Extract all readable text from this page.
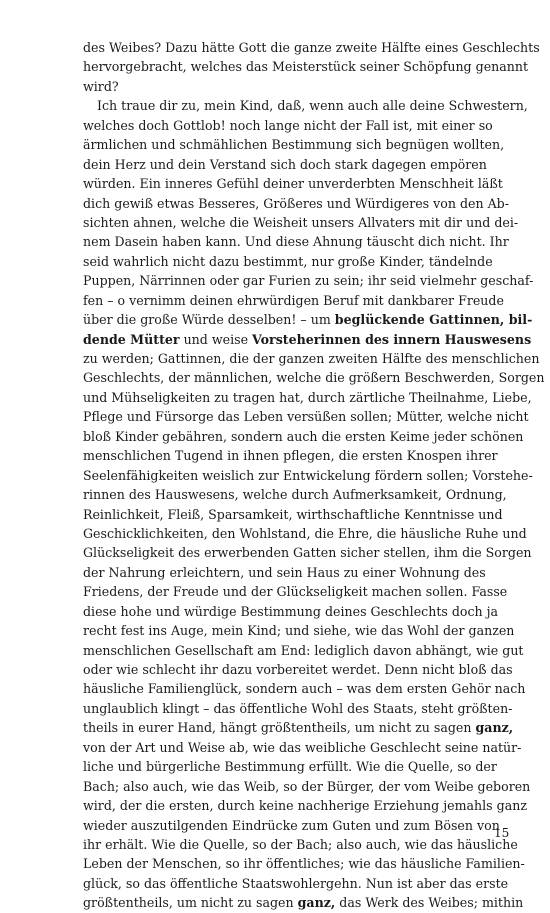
des Weibes? Dazu hätte Gott die ganze zweite Hälfte eines Geschlechts
hervorgebracht, welches das Meisterstück seiner Schöpfung genannt
wird?
Ich traue dir zu, mein Kind, daß, wenn auch alle deine Schwestern,
welches doch Gottlob! noch lange nicht der Fall ist, mit einer so
ärmlichen und schmählichen Bestimmung sich begnügen wollten,
dein Herz und dein Verstand sich doch stark dagegen empören
würden. Ein inneres Gefühl deiner unverderbten Menschheit läßt
dich gewiß etwas Besseres, Größeres und Würdigeres von den Ab-
sichten ahnen, welche die Weisheit unsers Allvaters mit dir und dei-
nem Dasein haben kann. Und diese Ahnung täuscht dich nicht. Ihr
seid wahrlich nicht dazu bestimmt, nur große Kinder, tändelnde
Puppen, Närrinnen oder gar Furien zu sein; ihr seid vielmehr geschaf-
fen – o vernimm deinen ehrwürdigen Beruf mit dankbarer Freude
über die große Würde desselben! – um beglückende Gattinnen, bil-
dende Mütter und weise Vorsteherinnen des innern Hauswesens
zu werden; Gattinnen, die der ganzen zweiten Hälfte des menschlichen
Geschlechts, der männlichen, welche die größern Beschwerden, Sorgen
und Mühseligkeiten zu tragen hat, durch zärtliche Theilnahme, Liebe,
Pflege und Fürsorge das Leben versüßen sollen; Mütter, welche nicht
bloß Kinder gebähren, sondern auch die ersten Keime jeder schönen
menschlichen Tugend in ihnen pflegen, die ersten Knospen ihrer
Seelenfähigkeiten weislich zur Entwickelung fördern sollen; Vorstehe-
rinnen des Hauswesens, welche durch Aufmerksamkeit, Ordnung,
Reinlichkeit, Fleiß, Sparsamkeit, wirthschaftliche Kenntnisse und
Geschicklichkeiten, den Wohlstand, die Ehre, die häusliche Ruhe und
Glückseligkeit des erwerbenden Gatten sicher stellen, ihm die Sorgen
der Nahrung erleichtern, und sein Haus zu einer Wohnung des
Friedens, der Freude und der Glückseligkeit machen sollen. Fasse
diese hohe und würdige Bestimmung deines Geschlechts doch ja
recht fest ins Auge, mein Kind; und siehe, wie das Wohl der ganzen
menschlichen Gesellschaft am End: lediglich davon abhängt, wie gut
oder wie schlecht ihr dazu vorbereitet werdet. Denn nicht bloß das
häusliche Familienglück, sondern auch – was dem ersten Gehör nach
unglaublich klingt – das öffentliche Wohl des Staats, steht größten-
theils in eurer Hand, hängt größtentheils, um nicht zu sagen ganz,
von der Art und Weise ab, wie das weibliche Geschlecht seine natür-
liche und bürgerliche Bestimmung erfüllt. Wie die Quelle, so der
Bach; also auch, wie das Weib, so der Bürger, der vom Weibe geboren
wird, der die ersten, durch keine nachherige Erziehung jemahls ganz
wieder auszutilgenden Eindrücke zum Guten und zum Bösen von
ihr erhält. Wie die Quelle, so der Bach; also auch, wie das häusliche
Leben der Menschen, so ihr öffentliches; wie das häusliche Familien-
glück, so das öffentliche Staatswohlergehn. Nun ist aber das erste
größtentheils, um nicht zu sagen ganz, das Werk des Weibes; mithin
15
